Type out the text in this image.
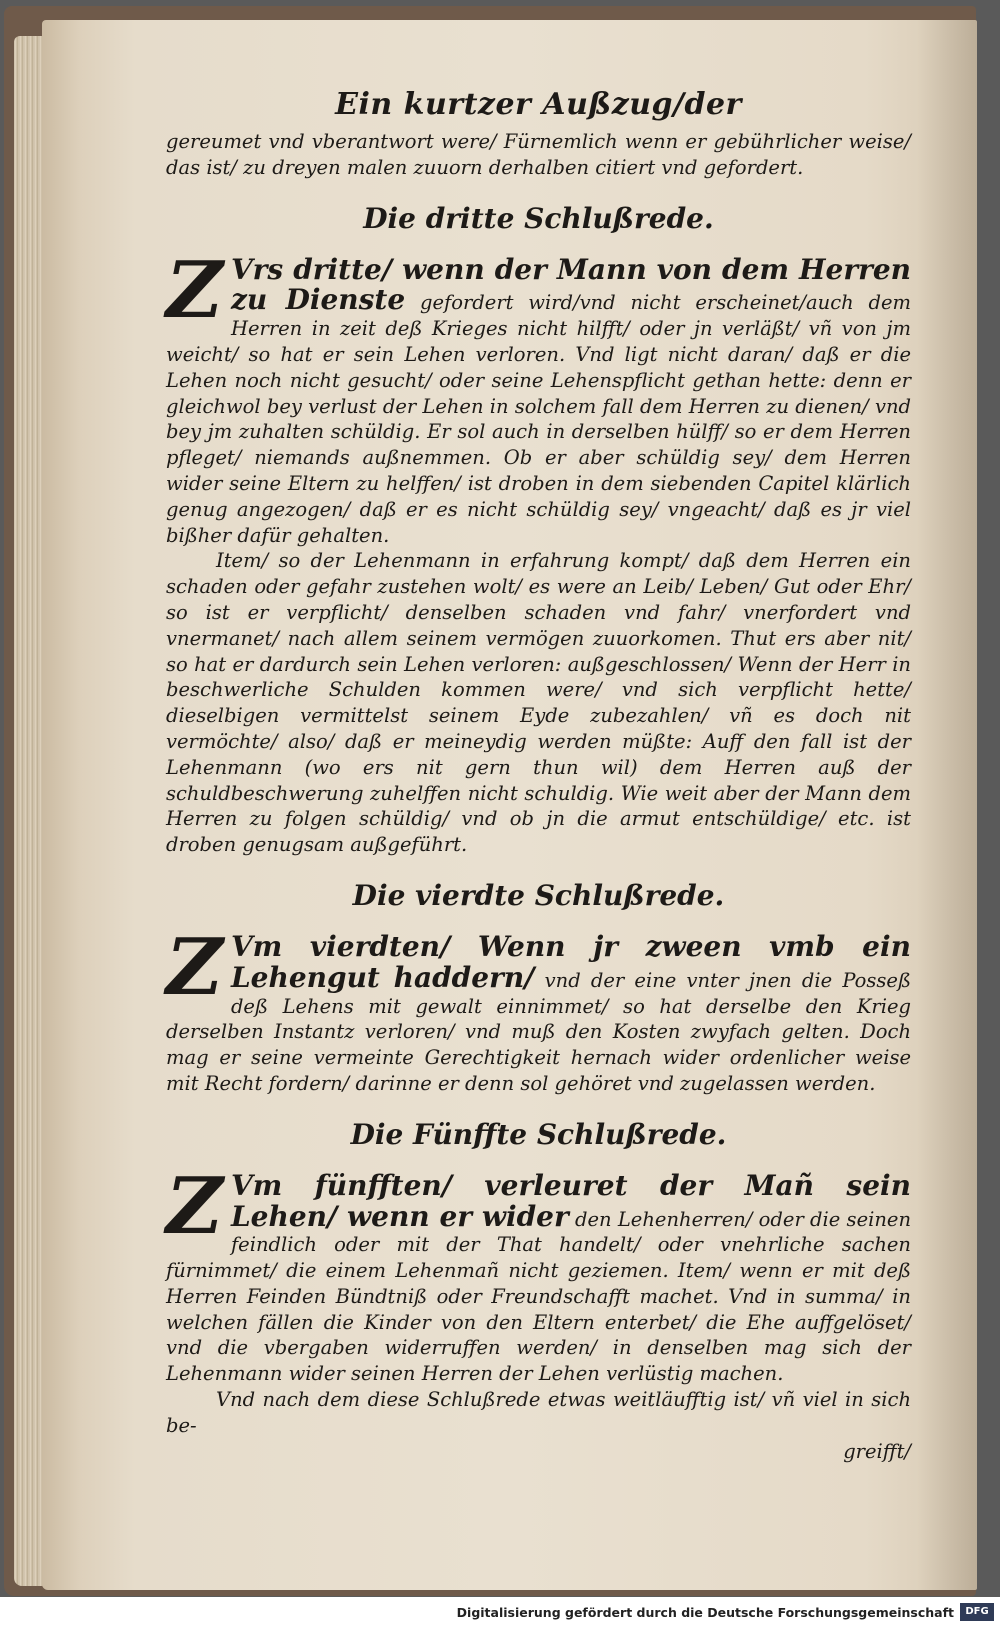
Ein kurtzer Außzug/der

gereumet vnd vberantwort were/ Fürnemlich wenn er gebührlicher weise/ das ist/ zu dreyen malen zuuorn derhalben citiert vnd gefordert.

Die dritte Schlußrede.

Z Vrs dritte/ wenn der Mann von dem Herren zu Dienste gefordert wird/vnd nicht erscheinet/auch dem Herren in zeit deß Krieges nicht hilfft/ oder jn verläßt/ vñ von jm weicht/ so hat er sein Lehen verloren. Vnd ligt nicht daran/ daß er die Lehen noch nicht gesucht/ oder seine Lehenspflicht gethan hette: denn er gleichwol bey verlust der Lehen in solchem fall dem Herren zu dienen/ vnd bey jm zuhalten schüldig. Er sol auch in derselben hülff/ so er dem Herren pfleget/ niemands außnemmen. Ob er aber schüldig sey/ dem Herren wider seine Eltern zu helffen/ ist droben in dem siebenden Capitel klärlich genug angezogen/ daß er es nicht schüldig sey/ vngeacht/ daß es jr viel bißher dafür gehalten.

Item/ so der Lehenmann in erfahrung kompt/ daß dem Herren ein schaden oder gefahr zustehen wolt/ es were an Leib/ Leben/ Gut oder Ehr/ so ist er verpflicht/ denselben schaden vnd fahr/ vnerfordert vnd vnermanet/ nach allem seinem vermögen zuuorkomen. Thut ers aber nit/ so hat er dardurch sein Lehen verloren: außgeschlossen/ Wenn der Herr in beschwerliche Schulden kommen were/ vnd sich verpflicht hette/ dieselbigen vermittelst seinem Eyde zubezahlen/ vñ es doch nit vermöchte/ also/ daß er meineydig werden müßte: Auff den fall ist der Lehenmann (wo ers nit gern thun wil) dem Herren auß der schuldbeschwerung zuhelffen nicht schuldig. Wie weit aber der Mann dem Herren zu folgen schüldig/ vnd ob jn die armut entschüldige/ etc. ist droben genugsam außgeführt.

Die vierdte Schlußrede.

Z Vm vierdten/ Wenn jr zween vmb ein Lehengut haddern/ vnd der eine vnter jnen die Posseß deß Lehens mit gewalt einnimmet/ so hat derselbe den Krieg derselben Instantz verloren/ vnd muß den Kosten zwyfach gelten. Doch mag er seine vermeinte Gerechtigkeit hernach wider ordenlicher weise mit Recht fordern/ darinne er denn sol gehöret vnd zugelassen werden.

Die Fünffte Schlußrede.

Z Vm fünfften/ verleuret der Mañ sein Lehen/ wenn er wider den Lehenherren/ oder die seinen feindlich oder mit der That handelt/ oder vnehrliche sachen fürnimmet/ die einem Lehenmañ nicht geziemen. Item/ wenn er mit deß Herren Feinden Bündtniß oder Freundschafft machet. Vnd in summa/ in welchen fällen die Kinder von den Eltern enterbet/ die Ehe auffgelöset/ vnd die vbergaben widerruffen werden/ in denselben mag sich der Lehenmann wider seinen Herren der Lehen verlüstig machen.

Vnd nach dem diese Schlußrede etwas weitläufftig ist/ vñ viel in sich be-

greifft/

Digitalisierung gefördert durch die Deutsche Forschungsgemeinschaft	DFG
